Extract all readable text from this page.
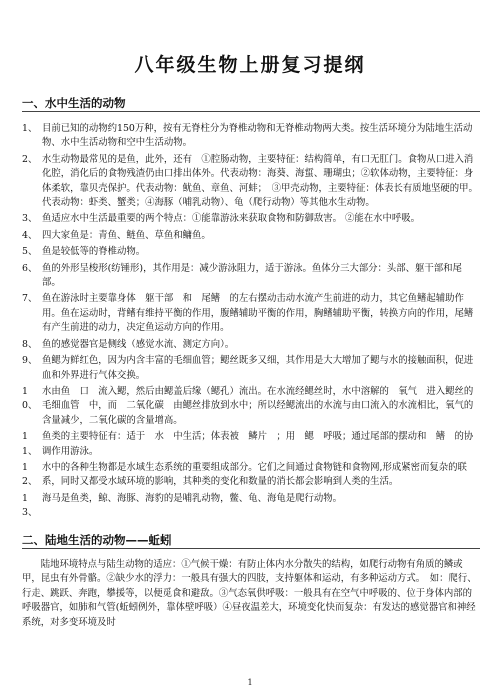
八年级生物上册复习提纲
一、水中生活的动物
1、 目前已知的动物约150万种，按有无脊柱分为脊椎动物和无脊椎动物两大类。按生活环境分为陆地生活动物、水中生活动物和空中生活动物。
2、 水生动物最常见的是鱼，此外，还有　①腔肠动物，主要特征：结构简单，有口无肛门。食物从口进入消化腔，消化后的食物残渣仍由口排出体外。代表动物：海葵、海蜇、珊瑚虫；②软体动物，主要特征：身体柔软，靠贝壳保护。代表动物：鱿鱼、章鱼、河蚌；　③甲壳动物，主要特征：体表长有质地坚硬的甲。代表动物：虾类、蟹类；④海豚（哺乳动物）、龟（爬行动物）等其他水生动物。
3、 鱼适应水中生活最重要的两个特点：①能靠游泳来获取食物和防御敌害。 ②能在水中呼吸。
4、 四大家鱼是：青鱼、鲢鱼、草鱼和鳙鱼。
5、 鱼是较低等的脊椎动物。
6、 鱼的外形呈梭形(纺锤形)，其作用是：减少游泳阻力，适于游泳。鱼体分三大部分：头部、躯干部和尾部。
7、 鱼在游泳时主要靠身体　躯干部　和　尾鳍　的左右摆动击动水流产生前进的动力，其它鱼鳍起辅助作用。鱼在运动时，背鳍有维持平衡的作用，腹鳍辅助平衡的作用，胸鳍辅助平衡，转换方向的作用，尾鳍有产生前进的动力，决定鱼运动方向的作用。
8、 鱼的感觉器官是侧线（感觉水流、测定方向）。
9、 鱼鳃为鲜红色，因为内含丰富的毛细血管；鳃丝既多又细，其作用是大大增加了鳃与水的接触面积，促进血和外界进行气体交换。
10、
水由鱼　口　流入鳃，然后由鳃盖后缘（鳃孔）流出。在水流经鳃丝时，水中溶解的　氧气　进入鳃丝的　毛细血管　中，而　二氧化碳　由鳃丝排放到水中；所以经鳃流出的水流与由口流入的水流相比，氧气的含量减少，二氧化碳的含量增高。
11、
鱼类的主要特征有：适于　水　中生活；体表被　鳞片　；用　鳃　呼吸；通过尾部的摆动和　鳍　的协调作用游泳。
12、
水中的各种生物都是水域生态系统的重要组成部分。它们之间通过食物链和食物网,形成紧密而复杂的联系，同时又都受水域环境的影响，其种类的变化和数量的消长都会影响到人类的生活。
13、
海马是鱼类，鲸、海豚、海豹的是哺乳动物，鳖、龟、海龟是爬行动物。
二、陆地生活的动物——蚯蚓
陆地环境特点与陆生动物的适应：①气候干燥：有防止体内水分散失的结构，如爬行动物有角质的鳞或甲，昆虫有外骨骼。②缺少水的浮力：一般具有强大的四肢，支持躯体和运动，有多种运动方式。　如：爬行、行走、跳跃、奔跑，攀援等，以便觅食和避敌。③气态氧供呼吸：一般具有在空气中呼吸的、位于身体内部的呼吸器官，如肺和气管(蚯蚓例外，靠体壁呼吸）④昼夜温差大，环境变化快而复杂：有发达的感觉器官和神经系统，对多变环境及时
1
